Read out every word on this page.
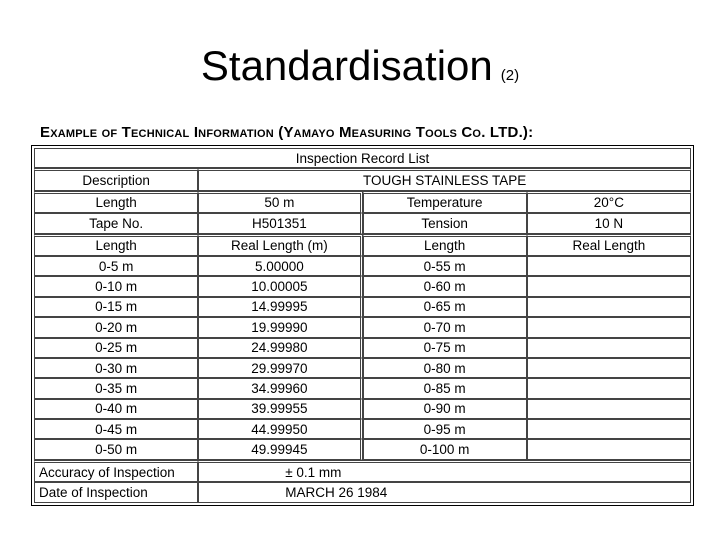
Standardisation (2)
Example of Technical Information (Yamayo Measuring Tools Co. LTD.):
Inspection Record List			
Description	TOUGH STAINLESS TAPE		
Length	50 m	Temperature	20°C
Tape No.	H501351	Tension	10 N
Length	Real Length (m)	Length	Real Length
0-5 m	5.00000	0-55 m	
0-10 m	10.00005	0-60 m	
0-15 m	14.99995	0-65 m	
0-20 m	19.99990	0-70 m	
0-25 m	24.99980	0-75 m	
0-30 m	29.99970	0-80 m	
0-35 m	34.99960	0-85 m	
0-40 m	39.99955	0-90 m	
0-45 m	44.99950	0-95 m	
0-50 m	49.99945	0-100 m	
Accuracy of Inspection	± 0.1 mm		
Date of Inspection	MARCH 26 1984		
